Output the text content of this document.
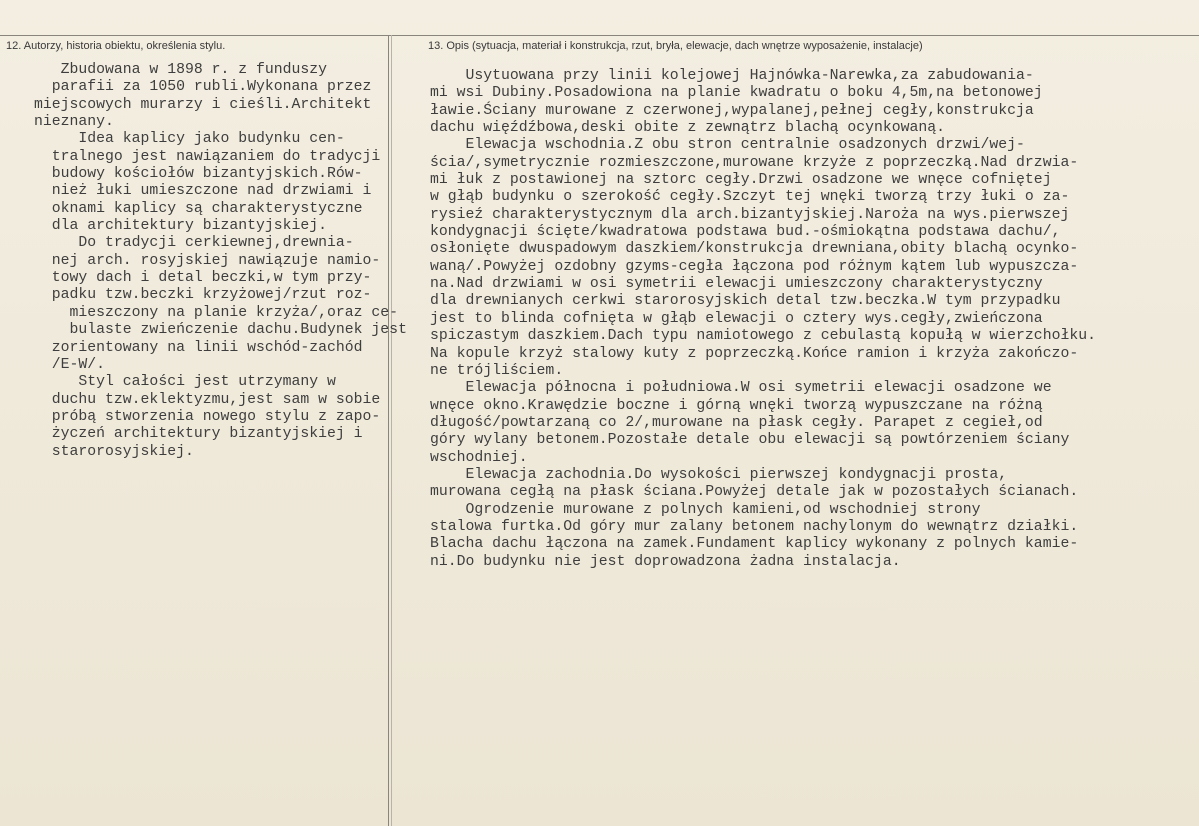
12. Autorzy, historia obiektu, określenia stylu.	13. Opis (sytuacja, materiał i konstrukcja, rzut, bryła, elewacje, dach wnętrze wyposażenie, instalacje)
Zbudowana w 1898 r. z funduszy
parafii za 1050 rubli.Wykonana przez
miejscowych murarzy i cieśli.Architekt
nieznany.
Idea kaplicy jako budynku cen-
tralnego jest nawiązaniem do tradycji
budowy kościołów bizantyjskich.Rów-
nież łuki umieszczone nad drzwiami i
oknami kaplicy są charakterystyczne
dla architektury bizantyjskiej.
Do tradycji cerkiewnej,drewnia-
nej arch. rosyjskiej nawiązuje namio-
towy dach i detal beczki,w tym przy-
padku tzw.beczki krzyżowej/rzut roz-
mieszczony na planie krzyża/,oraz ce-
bulaste zwieńczenie dachu.Budynek jest
zorientowany na linii wschód-zachód
/E-W/.
Styl całości jest utrzymany w
duchu tzw.eklektyzmu,jest sam w sobie
próbą stworzenia nowego stylu z zapo-
życzeń architektury bizantyjskiej i
starorosyjskiej.
Usytuowana przy linii kolejowej Hajnówka-Narewka,za zabudowania-
mi wsi Dubiny.Posadowiona na planie kwadratu o boku 4,5m,na betonowej
ławie.Ściany murowane z czerwonej,wypalanej,pełnej cegły,konstrukcja
dachu więźdźbowa,deski obite z zewnątrz blachą ocynkowaną.
Elewacja wschodnia.Z obu stron centralnie osadzonych drzwi/wej-
ścia/,symetrycznie rozmieszczone,murowane krzyże z poprzeczką.Nad drzwia-
mi łuk z postawionej na sztorc cegły.Drzwi osadzone we wnęce cofniętej
w głąb budynku o szerokość cegły.Szczyt tej wnęki tworzą trzy łuki o za-
rysieź charakterystycznym dla arch.bizantyjskiej.Naroża na wys.pierwszej
kondygnacji ścięte/kwadratowa podstawa bud.-ośmiokątna podstawa dachu/,
osłonięte dwuspadowym daszkiem/konstrukcja drewniana,obity blachą ocynko-
waną/.Powyżej ozdobny gzyms-cegła łączona pod różnym kątem lub wypuszcza-
na.Nad drzwiami w osi symetrii elewacji umieszczony charakterystyczny
dla drewnianych cerkwi starorosyjskich detal tzw.beczka.W tym przypadku
jest to blinda cofnięta w głąb elewacji o cztery wys.cegły,zwieńczona
spiczastym daszkiem.Dach typu namiotowego z cebulastą kopułą w wierzchołku.
Na kopule krzyż stalowy kuty z poprzeczką.Końce ramion i krzyża zakończo-
ne trójliściem.
Elewacja północna i południowa.W osi symetrii elewacji osadzone we
wnęce okno.Krawędzie boczne i górną wnęki tworzą wypuszczane na różną
długość/powtarzaną co 2/,murowane na płask cegły. Parapet z cegieł,od
góry wylany betonem.Pozostałe detale obu elewacji są powtórzeniem ściany
wschodniej.
Elewacja zachodnia.Do wysokości pierwszej kondygnacji prosta,
murowana cegłą na płask ściana.Powyżej detale jak w pozostałych ścianach.
Ogrodzenie murowane z polnych kamieni,od wschodniej strony
stalowa furtka.Od góry mur zalany betonem nachylonym do wewnątrz działki.
Blacha dachu łączona na zamek.Fundament kaplicy wykonany z polnych kamie-
ni.Do budynku nie jest doprowadzona żadna instalacja.
